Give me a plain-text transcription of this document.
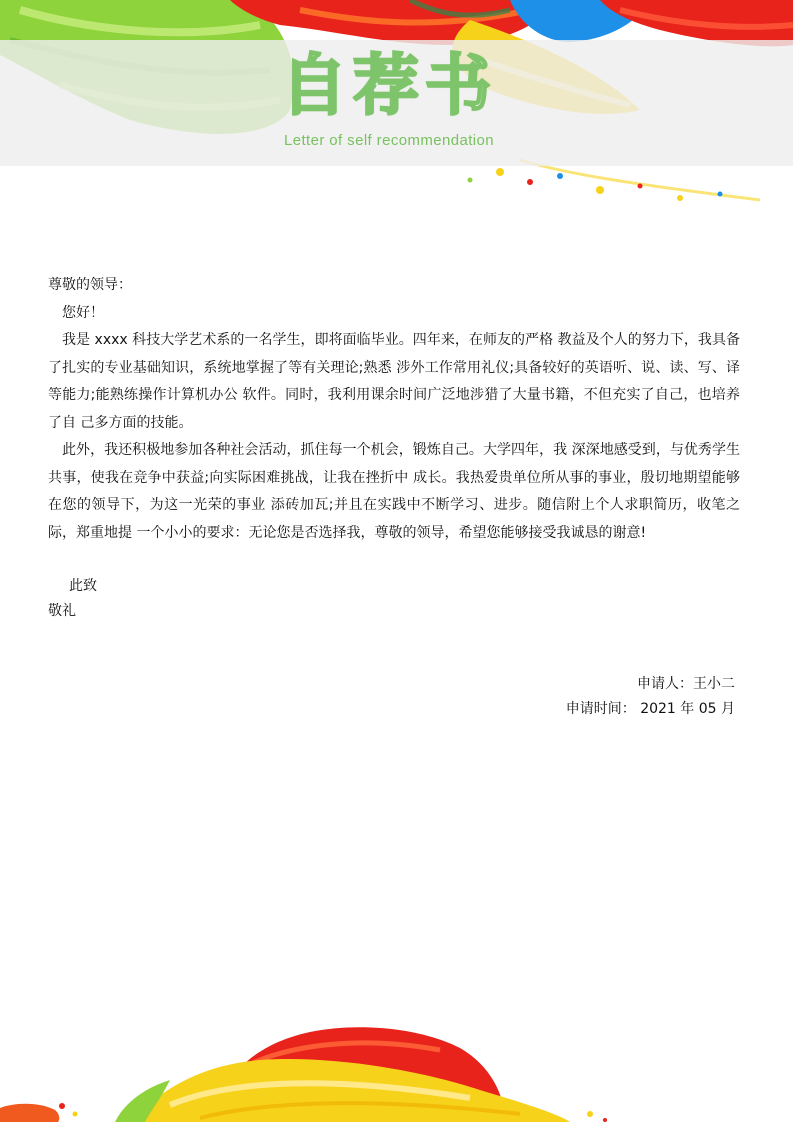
自荐书
Letter of self recommendation

尊敬的领导：

您好！

我是 xxxx 科技大学艺术系的一名学生，即将面临毕业。四年来，在师友的严格 教益及个人的努力下，我具备了扎实的专业基础知识，系统地掌握了等有关理论;熟悉 涉外工作常用礼仪;具备较好的英语听、说、读、写、译等能力;能熟练操作计算机办公 软件。同时，我利用课余时间广泛地涉猎了大量书籍，不但充实了自己，也培养了自 己多方面的技能。

此外，我还积极地参加各种社会活动，抓住每一个机会，锻炼自己。大学四年，我 深深地感受到，与优秀学生共事，使我在竞争中获益;向实际困难挑战，让我在挫折中 成长。我热爱贵单位所从事的事业，殷切地期望能够在您的领导下，为这一光荣的事业 添砖加瓦;并且在实践中不断学习、进步。随信附上个人求职简历，收笔之际，郑重地提 一个小小的要求：无论您是否选择我，尊敬的领导，希望您能够接受我诚恳的谢意!

此致
敬礼
申请人：王小二
申请时间： 2021 年 05 月
